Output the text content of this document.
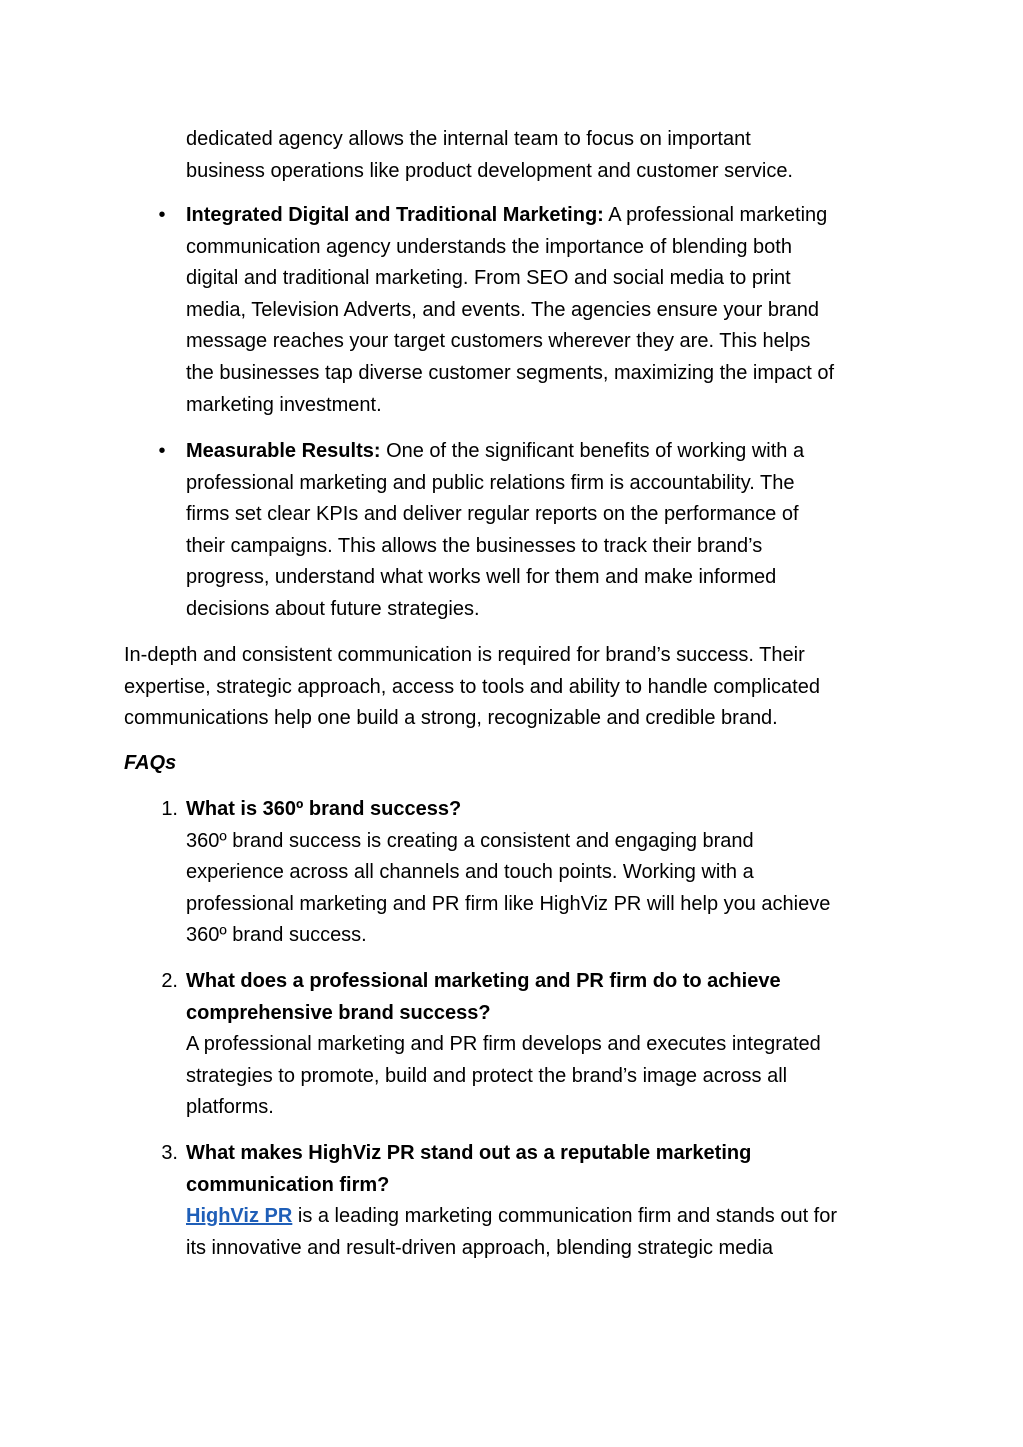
dedicated agency allows the internal team to focus on important
business operations like product development and customer service.
•	Integrated Digital and Traditional Marketing: A professional marketing
communication agency understands the importance of blending both
digital and traditional marketing. From SEO and social media to print
media, Television Adverts, and events. The agencies ensure your brand
message reaches your target customers wherever they are. This helps
the businesses tap diverse customer segments, maximizing the impact of
marketing investment.
•	Measurable Results: One of the significant benefits of working with a
professional marketing and public relations firm is accountability. The
firms set clear KPIs and deliver regular reports on the performance of
their campaigns. This allows the businesses to track their brand’s
progress, understand what works well for them and make informed
decisions about future strategies.
In-depth and consistent communication is required for brand’s success. Their
expertise, strategic approach, access to tools and ability to handle complicated
communications help one build a strong, recognizable and credible brand.
FAQs
1. What is 360º brand success?
360º brand success is creating a consistent and engaging brand
experience across all channels and touch points. Working with a
professional marketing and PR firm like HighViz PR will help you achieve
360º brand success.
2. What does a professional marketing and PR firm do to achieve
comprehensive brand success?
A professional marketing and PR firm develops and executes integrated
strategies to promote, build and protect the brand’s image across all
platforms.
3. What makes HighViz PR stand out as a reputable marketing
communication firm?
HighViz PR is a leading marketing communication firm and stands out for
its innovative and result-driven approach, blending strategic media
